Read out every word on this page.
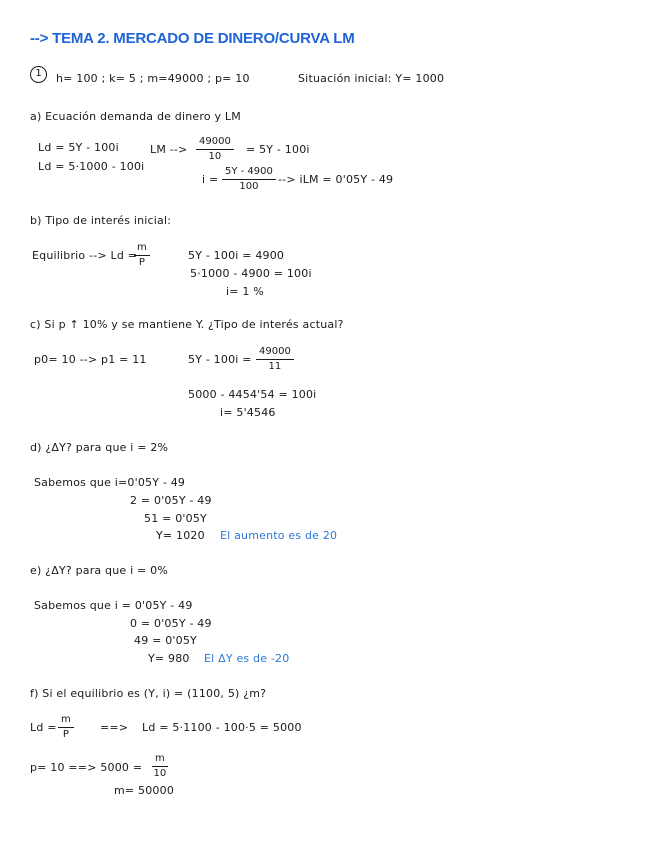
--> TEMA 2. MERCADO DE DINERO/CURVA LM
1	h= 100 ; k= 5 ; m=49000 ; p= 10	Situación inicial: Y= 1000
a) Ecuación demanda de dinero y LM
Ld = 5Y - 100i
Ld = 5·1000 - 100i
LM --> $\frac{49000}{10} = 5Y - 100i$
$i = \frac{5Y - 4900}{100}$ --> iLM = 0'05Y - 49
b) Tipo de interés inicial:
Equilibrio --> Ld =
$\frac{m}{P}$	5Y - 100i = 4900
5·1000 - 4900 = 100i
i= 1 %
c) Si p ↑ 10% y se mantiene Y. ¿Tipo de interés actual?
p0= 10 --> p1 = 11	$5Y - 100i = \frac{49000}{11}$
5000 - 4454'54 = 100i
i= 5'4546
d) ¿ΔY? para que i = 2%
Sabemos que i=0'05Y - 49
2 = 0'05Y - 49
51 = 0'05Y
Y= 1020 El aumento es de 20
e) ¿ΔY? para que i = 0%
Sabemos que i = 0'05Y - 49
0 = 0'05Y - 49
49 = 0'05Y
Y= 980 El ΔY es de -20
f) Si el equilibrio es (Y, i) = (1100, 5) ¿m?
$Ld = \frac{m}{P}$ ==> Ld = 5·1100 - 100·5 = 5000
p= 10 ==> $5000 = \frac{m}{10}$
m= 50000
